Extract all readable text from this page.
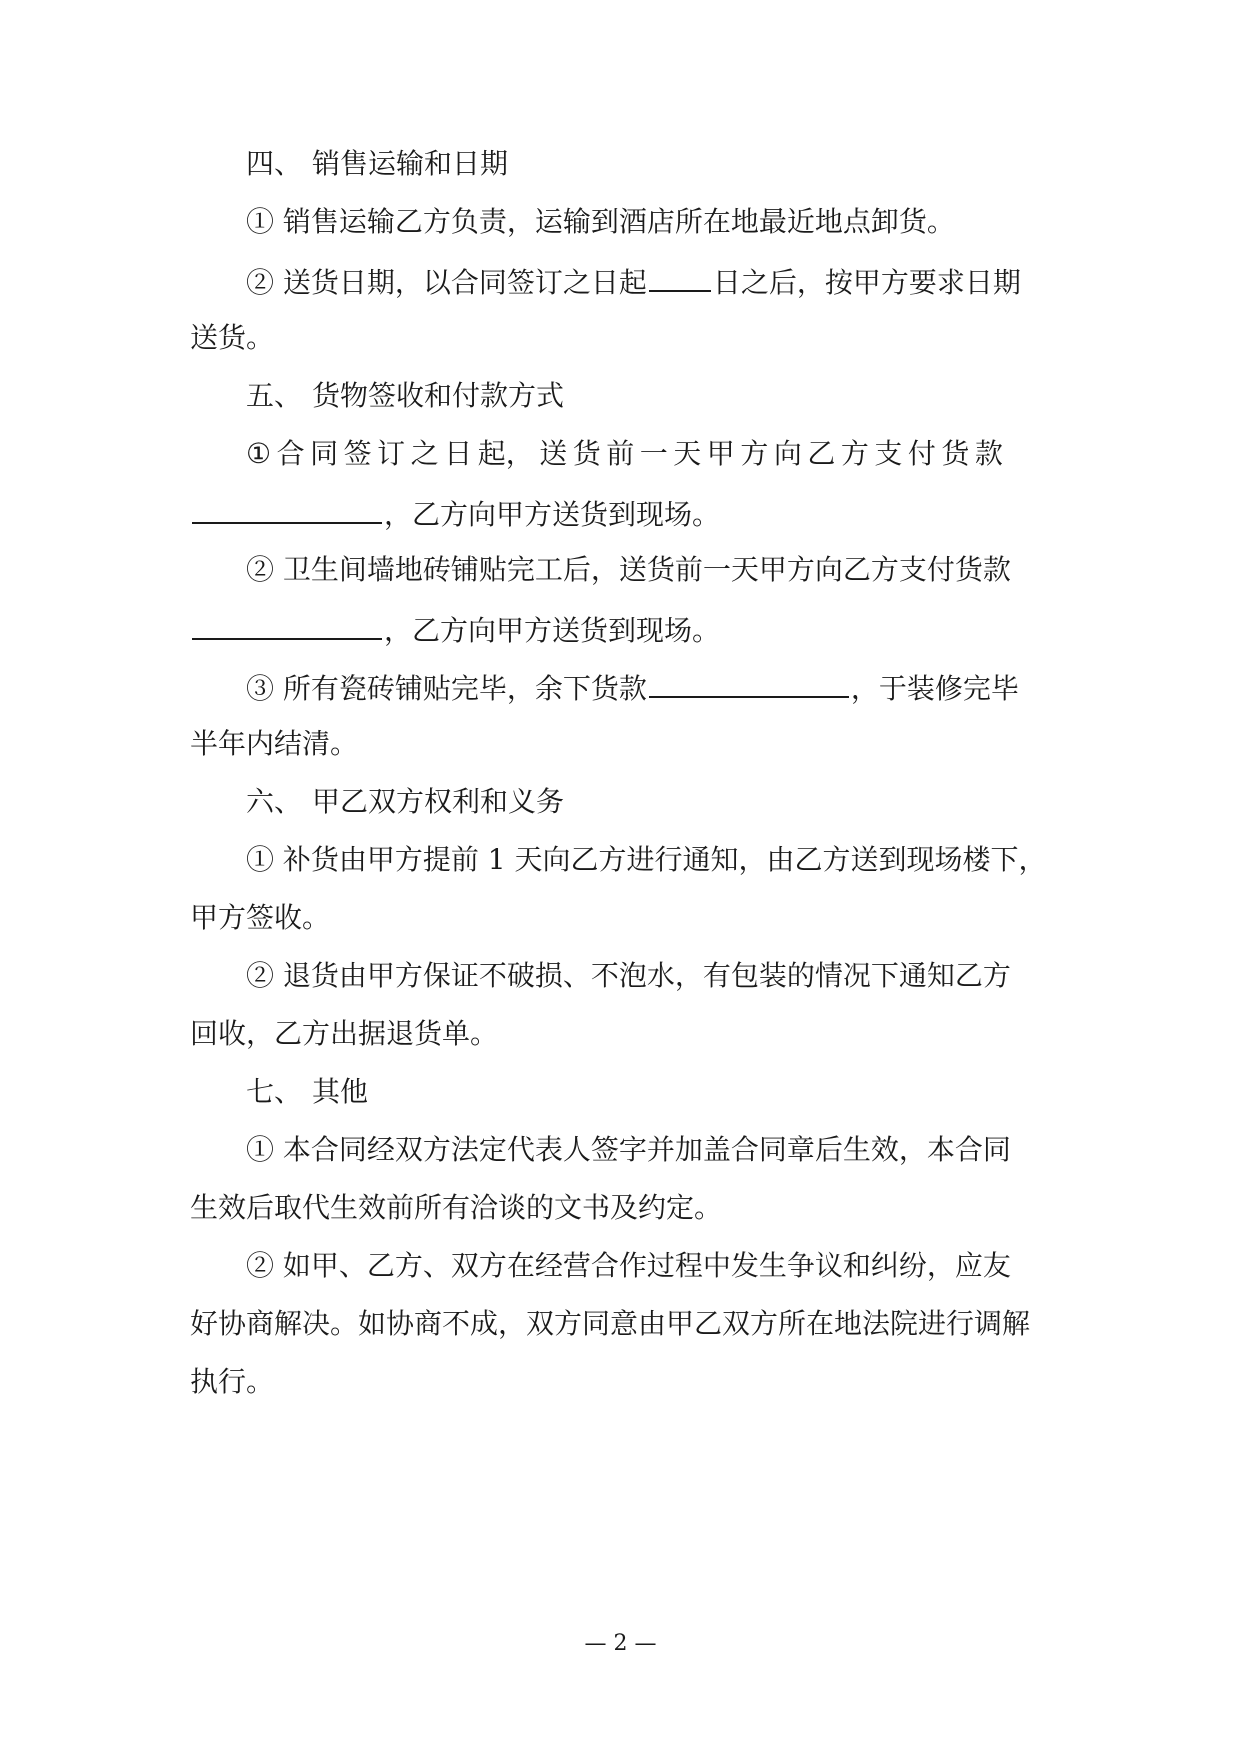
四、 销售运输和日期
① 销售运输乙方负责，运输到酒店所在地最近地点卸货。
② 送货日期，以合同签订之日起 日之后，按甲方要求日期
送货。
五、 货物签收和付款方式
① 合 同 签 订 之 日 起， 送 货 前 一 天 甲 方 向 乙 方 支 付 货 款
，乙方向甲方送货到现场。
② 卫生间墙地砖铺贴完工后，送货前一天甲方向乙方支付货款
，乙方向甲方送货到现场。
③ 所有瓷砖铺贴完毕，余下货款	，于装修完毕
半年内结清。
六、 甲乙双方权利和义务
① 补货由甲方提前 1 天向乙方进行通知，由乙方送到现场楼下，
甲方签收。
② 退货由甲方保证不破损、不泡水，有包装的情况下通知乙方
回收，乙方出据退货单。
七、 其他
① 本合同经双方法定代表人签字并加盖合同章后生效，本合同
生效后取代生效前所有洽谈的文书及约定。
② 如甲、乙方、双方在经营合作过程中发生争议和纠纷，应友
好协商解决。如协商不成，双方同意由甲乙双方所在地法院进行调解
执行。
— 2 —
